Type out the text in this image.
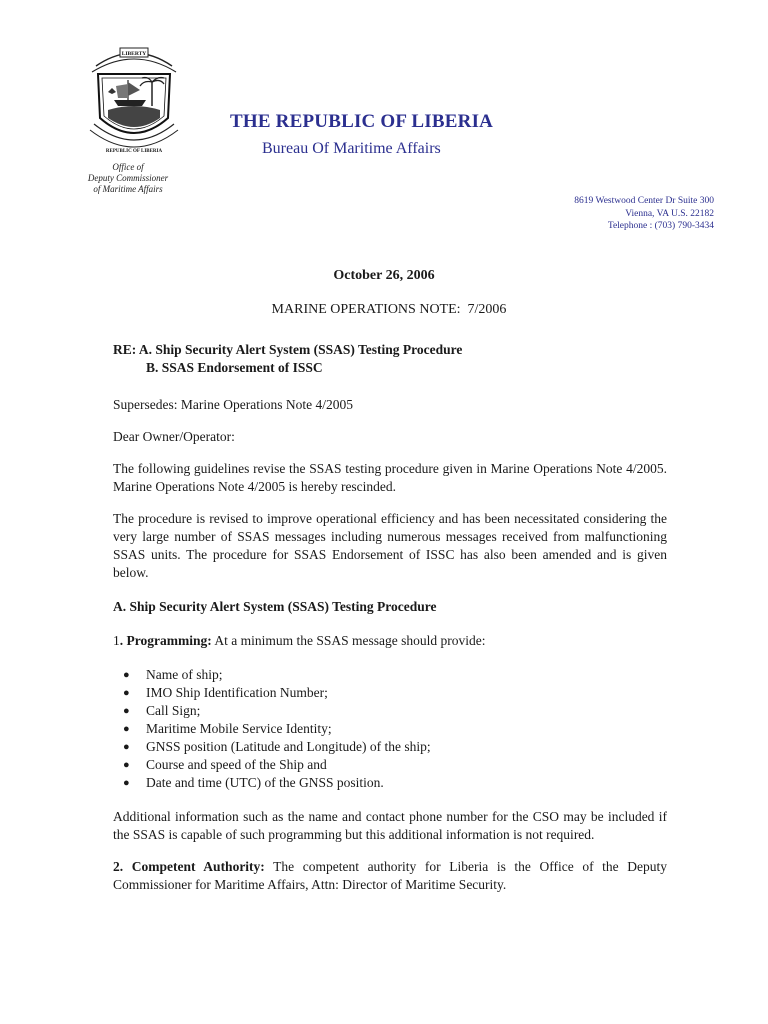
LIBERTY
REPUBLIC OF LIBERIA
Office of
Deputy Commissioner
of Maritime Affairs
THE REPUBLIC OF LIBERIA
Bureau Of Maritime Affairs
8619 Westwood Center Dr Suite 300
Vienna, VA U.S. 22182
Telephone : (703) 790-3434
October 26, 2006
MARINE OPERATIONS NOTE:  7/2006
RE: A. Ship Security Alert System (SSAS) Testing Procedure
B. SSAS Endorsement of ISSC

Supersedes: Marine Operations Note 4/2005

Dear Owner/Operator:

The following guidelines revise the SSAS testing procedure given in Marine Operations Note 4/2005. Marine Operations Note 4/2005 is hereby rescinded.

The procedure is revised to improve operational efficiency and has been necessitated considering the very large number of SSAS messages including numerous messages received from malfunctioning SSAS units. The procedure for SSAS Endorsement of ISSC has also been amended and is given below.

A. Ship Security Alert System (SSAS) Testing Procedure

1. Programming: At a minimum the SSAS message should provide:

● Name of ship;
● IMO Ship Identification Number;
● Call Sign;
● Maritime Mobile Service Identity;
● GNSS position (Latitude and Longitude) of the ship;
● Course and speed of the Ship and
● Date and time (UTC) of the GNSS position.

Additional information such as the name and contact phone number for the CSO may be included if the SSAS is capable of such programming but this additional information is not required.

2. Competent Authority: The competent authority for Liberia is the Office of the Deputy Commissioner for Maritime Affairs, Attn: Director of Maritime Security.
